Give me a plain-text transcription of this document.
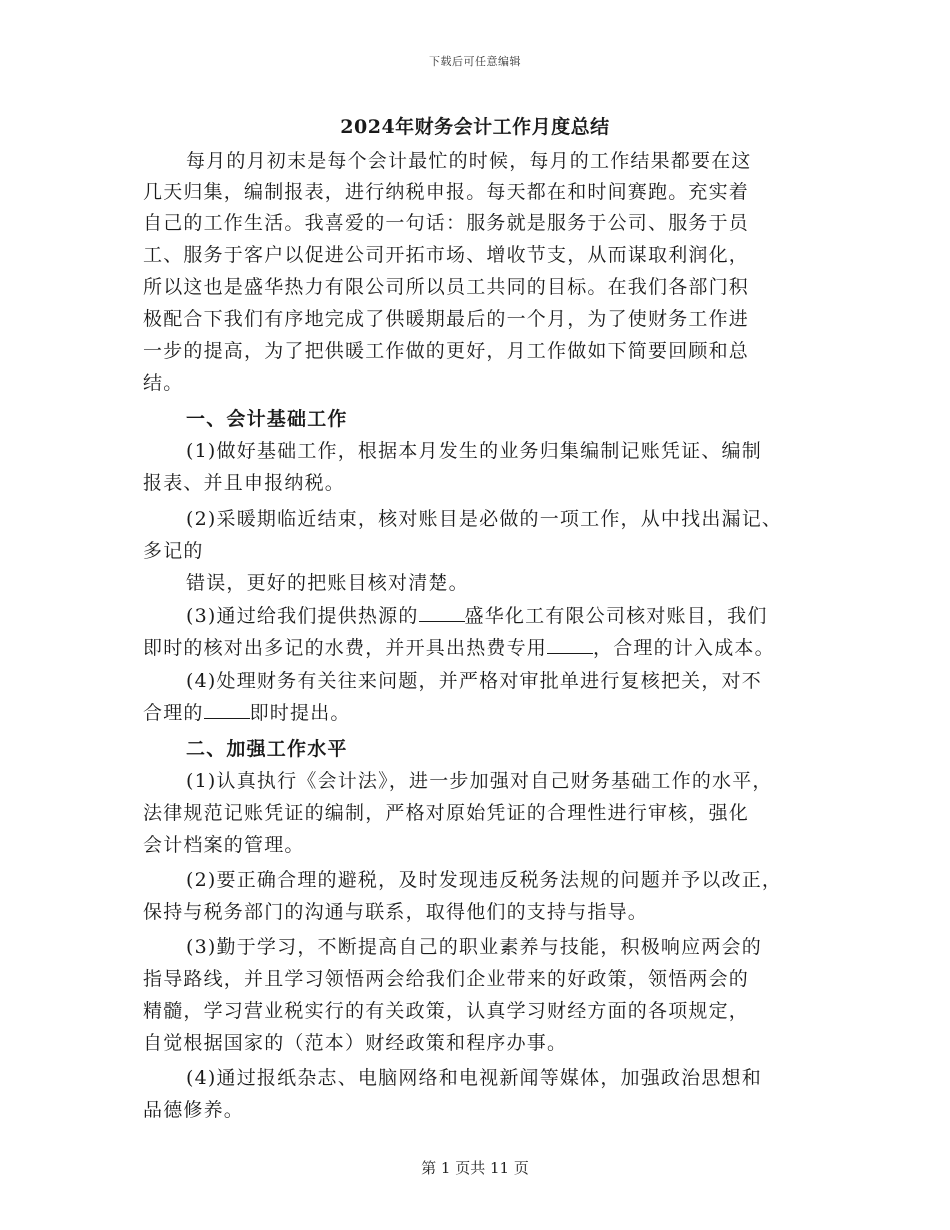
下载后可任意编辑
2024年财务会计工作月度总结
每月的月初末是每个会计最忙的时候，每月的工作结果都要在这
几天归集，编制报表，进行纳税申报。每天都在和时间赛跑。充实着
自己的工作生活。我喜爱的一句话：服务就是服务于公司、服务于员
工、服务于客户以促进公司开拓市场、增收节支，从而谋取利润化，
所以这也是盛华热力有限公司所以员工共同的目标。在我们各部门积
极配合下我们有序地完成了供暖期最后的一个月，为了使财务工作进
一步的提高，为了把供暖工作做的更好，月工作做如下简要回顾和总
结。
一、会计基础工作
(1)做好基础工作，根据本月发生的业务归集编制记账凭证、编制
报表、并且申报纳税。
(2)采暖期临近结束，核对账目是必做的一项工作，从中找出漏记、
多记的
错误，更好的把账目核对清楚。
(3)通过给我们提供热源的 盛华化工有限公司核对账目，我们
即时的核对出多记的水费，并开具出热费专用 ，合理的计入成本。
(4)处理财务有关往来问题，并严格对审批单进行复核把关，对不
合理的 即时提出。
二、加强工作水平
(1)认真执行《会计法》，进一步加强对自己财务基础工作的水平，
法律规范记账凭证的编制，严格对原始凭证的合理性进行审核，强化
会计档案的管理。
(2)要正确合理的避税，及时发现违反税务法规的问题并予以改正，
保持与税务部门的沟通与联系，取得他们的支持与指导。
(3)勤于学习，不断提高自己的职业素养与技能，积极响应两会的
指导路线，并且学习领悟两会给我们企业带来的好政策，领悟两会的
精髓，学习营业税实行的有关政策，认真学习财经方面的各项规定，
自觉根据国家的（范本）财经政策和程序办事。
(4)通过报纸杂志、电脑网络和电视新闻等媒体，加强政治思想和
品德修养。
第 1 页共 11 页
